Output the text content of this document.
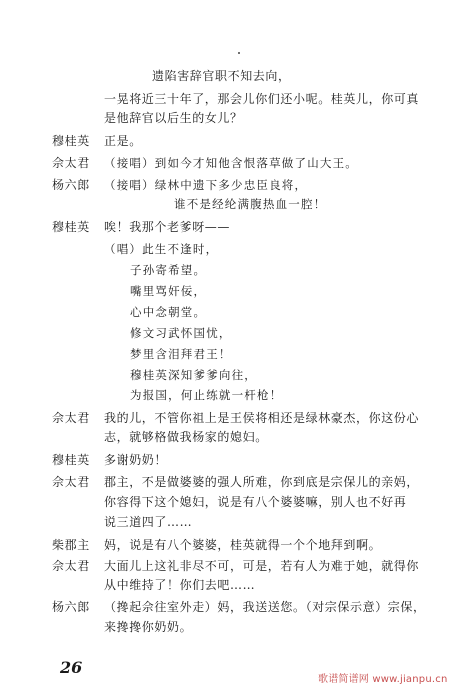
遗陷害辞官职不知去向，
一晃将近三十年了，那会儿你们还小呢。桂英儿，你可真
是他辞官以后生的女儿？
穆桂英 正是。
佘太君 （接唱）到如今才知他含恨落草做了山大王。
杨六郎 （接唱）绿林中遗下多少忠臣良将，
谁不是经纶满腹热血一腔！
穆桂英 唉！我那个老爹呀——
（唱）此生不逢时，
子孙寄希望。
嘴里骂奸佞，
心中念朝堂。
修文习武怀国忧，
梦里含泪拜君王！
穆桂英深知爹爹向往，
为报国，何止练就一杆枪！
佘太君 我的儿，不管你祖上是王侯将相还是绿林豪杰，你这份心
志，就够格做我杨家的媳妇。
穆桂英 多谢奶奶！
佘太君 郡主，不是做婆婆的强人所难，你到底是宗保儿的亲妈，
你容得下这个媳妇，说是有八个婆婆嘛，别人也不好再
说三道四了……
柴郡主 妈，说是有八个婆婆，桂英就得一个个地拜到啊。
佘太君 大面儿上这礼非尽不可，可是，若有人为难于她，就得你
从中维持了！你们去吧……
杨六郎 （搀起佘往室外走）妈，我送送您。（对宗保示意）宗保，
来搀搀你奶奶。
26
歌谱简谱网 www.jianpu.cn
